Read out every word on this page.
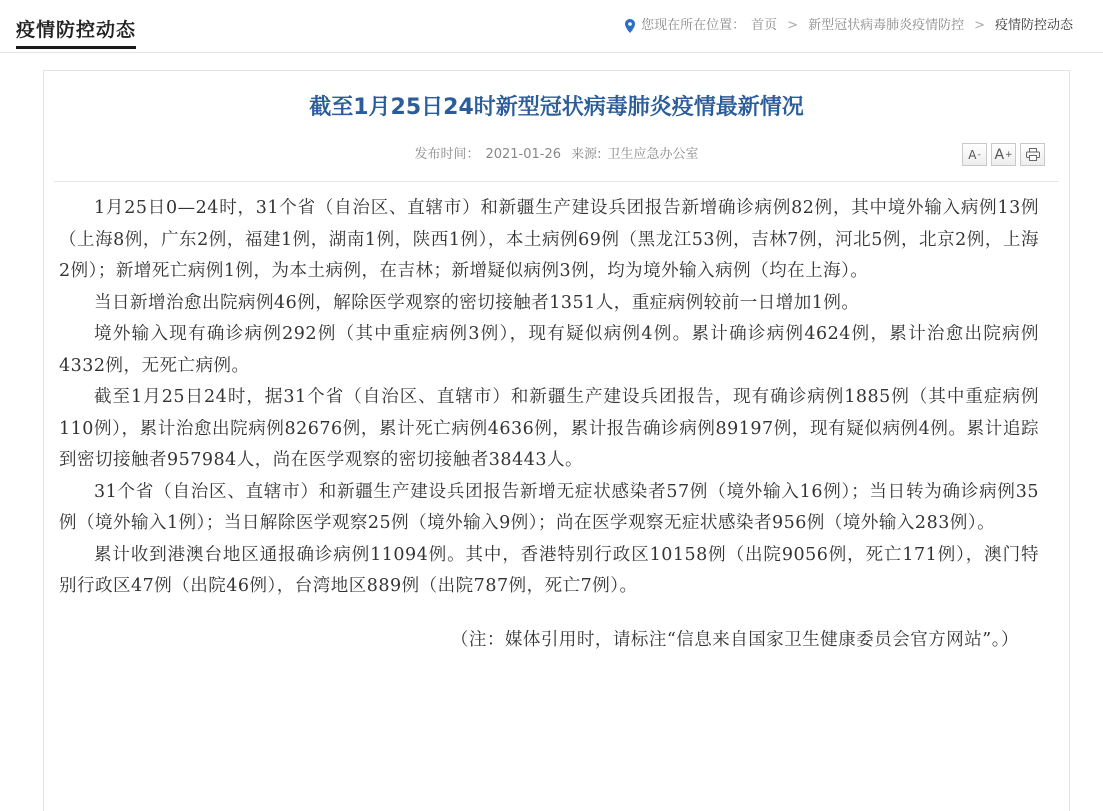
疫情防控动态	您现在所在位置： 首页 > 新型冠状病毒肺炎疫情防控 > 疫情防控动态
截至1月25日24时新型冠状病毒肺炎疫情最新情况
发布时间： 2021-01-26 来源: 卫生应急办公室	A - A +

1月25日0—24时，31个省（自治区、直辖市）和新疆生产建设兵团报告新增确诊病例82例，其中境外输入病例13例（上海8例，广东2例，福建1例，湖南1例，陕西1例），本土病例69例（黑龙江53例，吉林7例，河北5例，北京2例，上海2例）；新增死亡病例1例，为本土病例，在吉林；新增疑似病例3例，均为境外输入病例（均在上海）。

当日新增治愈出院病例46例，解除医学观察的密切接触者1351人，重症病例较前一日增加1例。

境外输入现有确诊病例292例（其中重症病例3例），现有疑似病例4例。累计确诊病例4624例，累计治愈出院病例4332例，无死亡病例。

截至1月25日24时，据31个省（自治区、直辖市）和新疆生产建设兵团报告，现有确诊病例1885例（其中重症病例110例），累计治愈出院病例82676例，累计死亡病例4636例，累计报告确诊病例89197例，现有疑似病例4例。累计追踪到密切接触者957984人，尚在医学观察的密切接触者38443人。

31个省（自治区、直辖市）和新疆生产建设兵团报告新增无症状感染者57例（境外输入16例）；当日转为确诊病例35例（境外输入1例）；当日解除医学观察25例（境外输入9例）；尚在医学观察无症状感染者956例（境外输入283例）。

累计收到港澳台地区通报确诊病例11094例。其中，香港特别行政区10158例（出院9056例，死亡171例），澳门特别行政区47例（出院46例），台湾地区889例（出院787例，死亡7例）。

（注：媒体引用时，请标注“信息来自国家卫生健康委员会官方网站”。）
